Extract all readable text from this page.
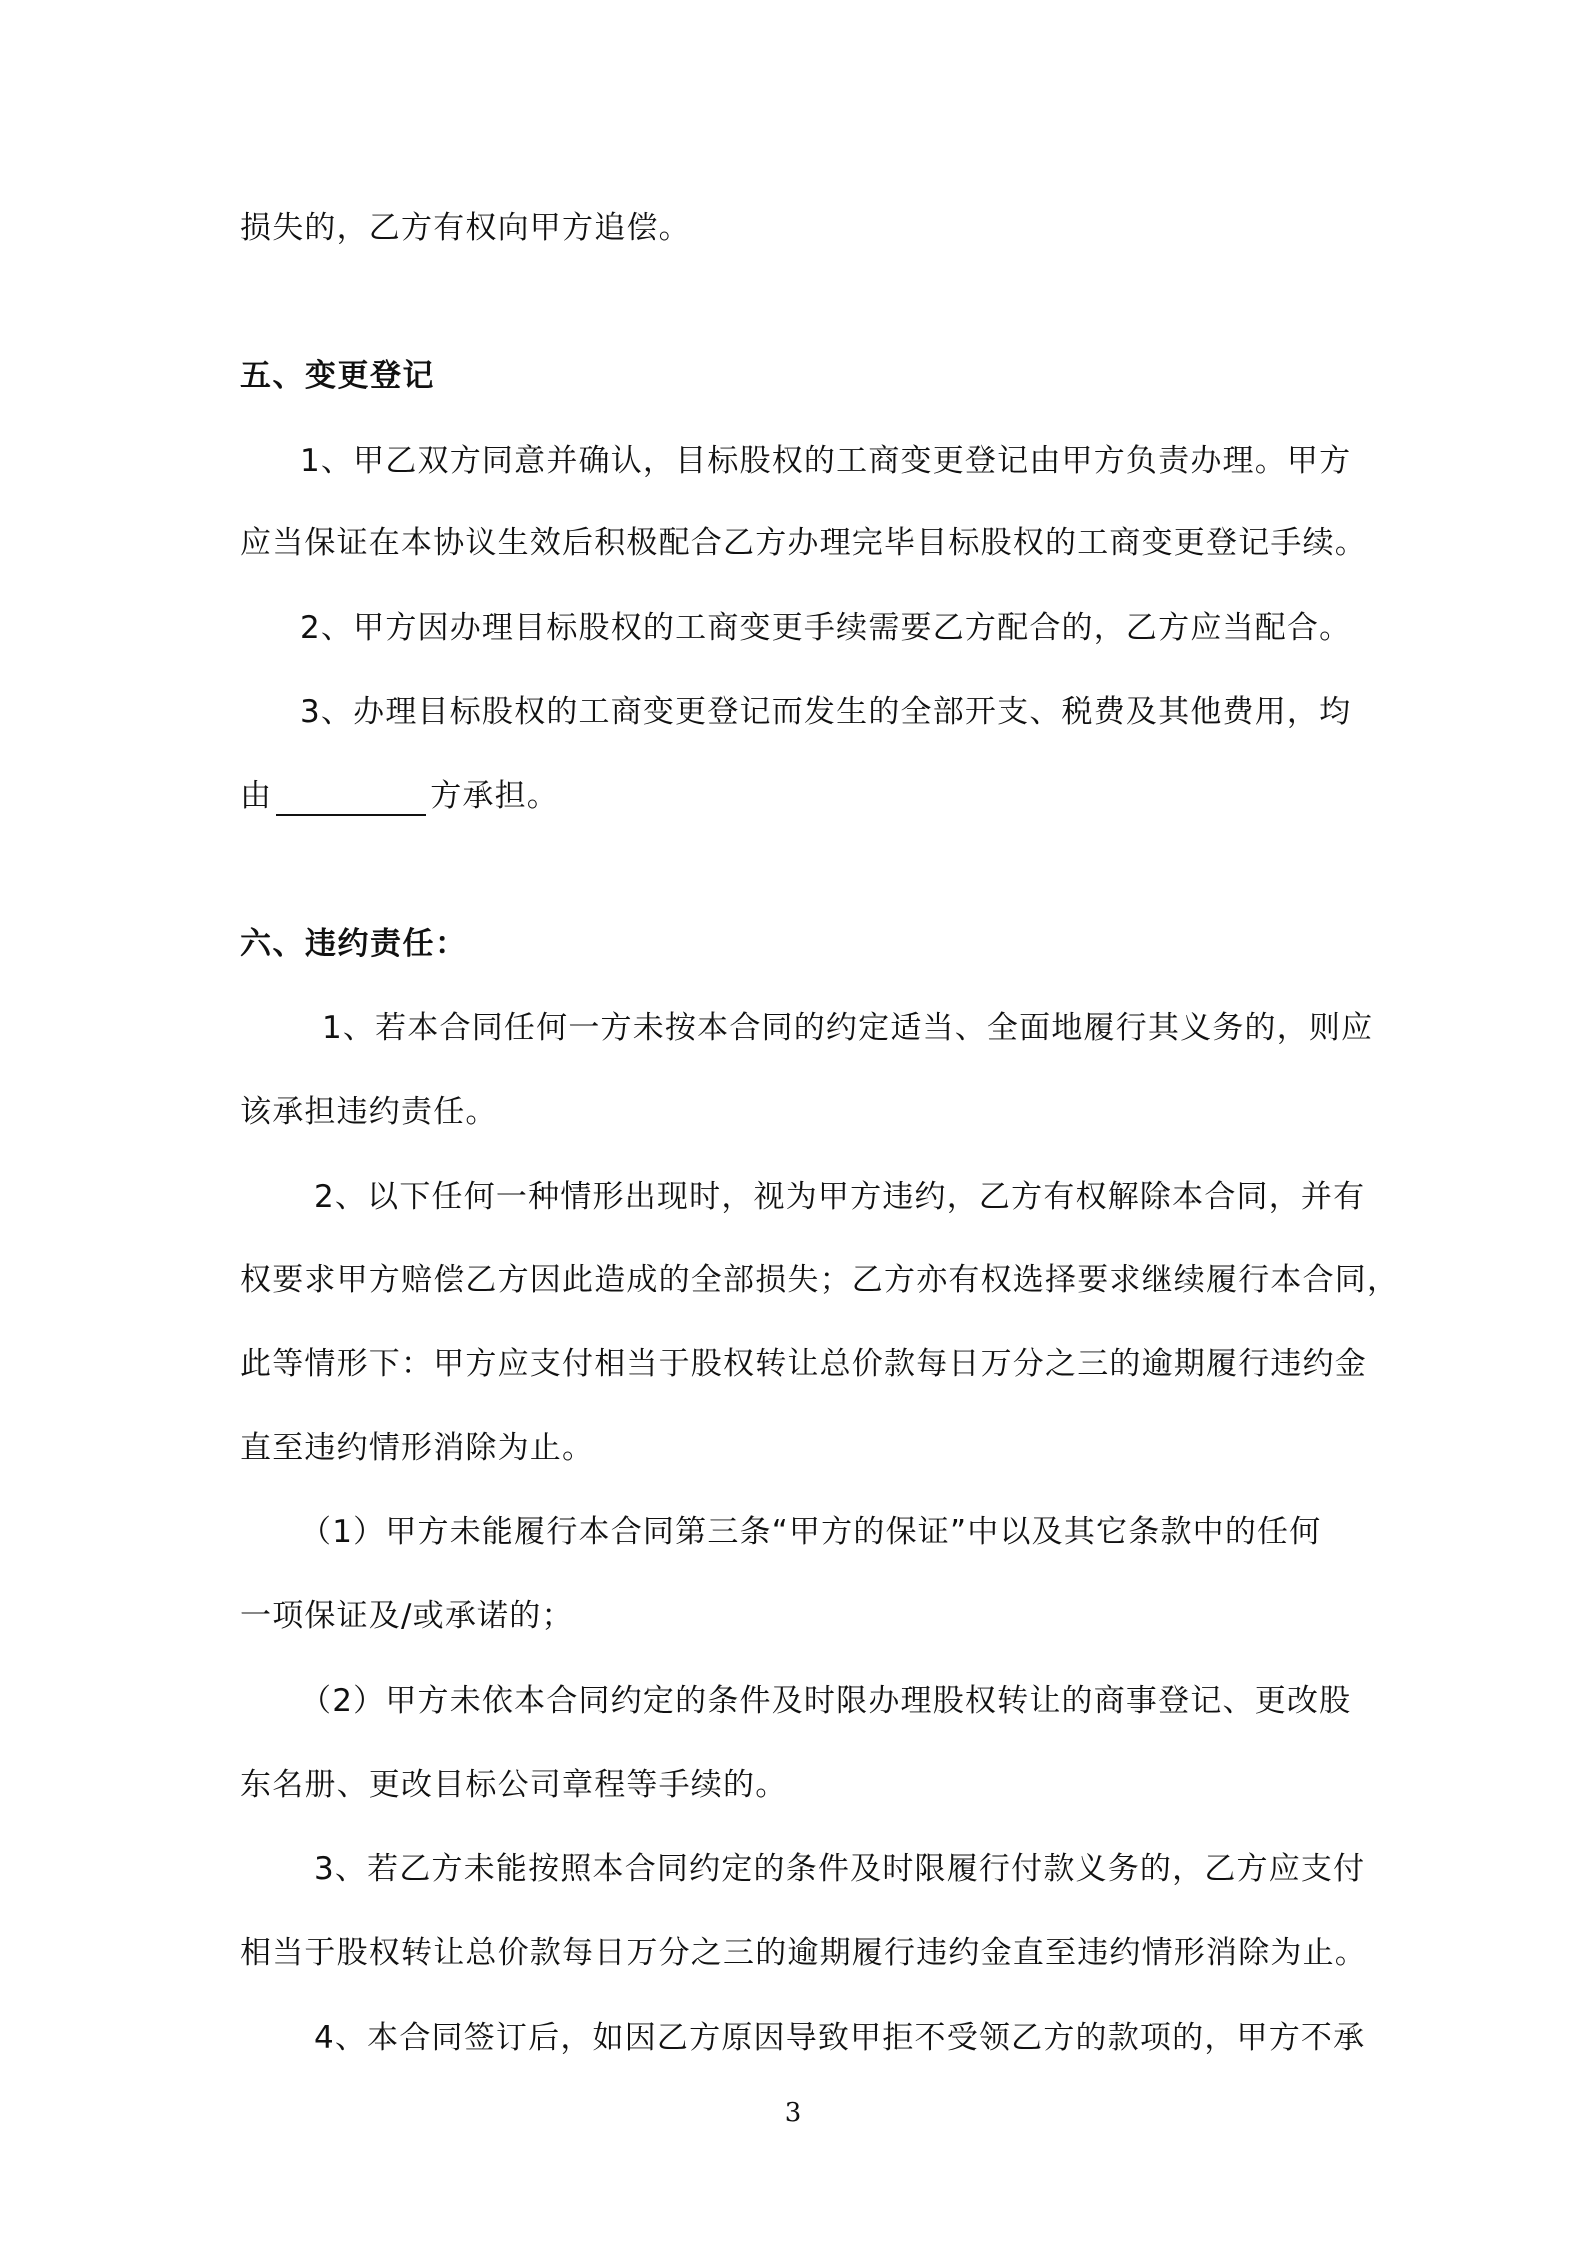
损失的，乙方有权向甲方追偿。

五、变更登记

1、甲乙双方同意并确认，目标股权的工商变更登记由甲方负责办理。甲方

应当保证在本协议生效后积极配合乙方办理完毕目标股权的工商变更登记手续。

2、甲方因办理目标股权的工商变更手续需要乙方配合的，乙方应当配合。

3、办理目标股权的工商变更登记而发生的全部开支、税费及其他费用，均

由	方承担。

六、违约责任：

1、若本合同任何一方未按本合同的约定适当、全面地履行其义务的，则应

该承担违约责任。

2、以下任何一种情形出现时，视为甲方违约，乙方有权解除本合同，并有

权要求甲方赔偿乙方因此造成的全部损失；乙方亦有权选择要求继续履行本合同，

此等情形下：甲方应支付相当于股权转让总价款每日万分之三的逾期履行违约金

直至违约情形消除为止。

（1）甲方未能履行本合同第三条“甲方的保证”中以及其它条款中的任何

一项保证及/或承诺的；

（2）甲方未依本合同约定的条件及时限办理股权转让的商事登记、更改股

东名册、更改目标公司章程等手续的。

3、若乙方未能按照本合同约定的条件及时限履行付款义务的，乙方应支付

相当于股权转让总价款每日万分之三的逾期履行违约金直至违约情形消除为止。

4、本合同签订后，如因乙方原因导致甲拒不受领乙方的款项的，甲方不承

3
